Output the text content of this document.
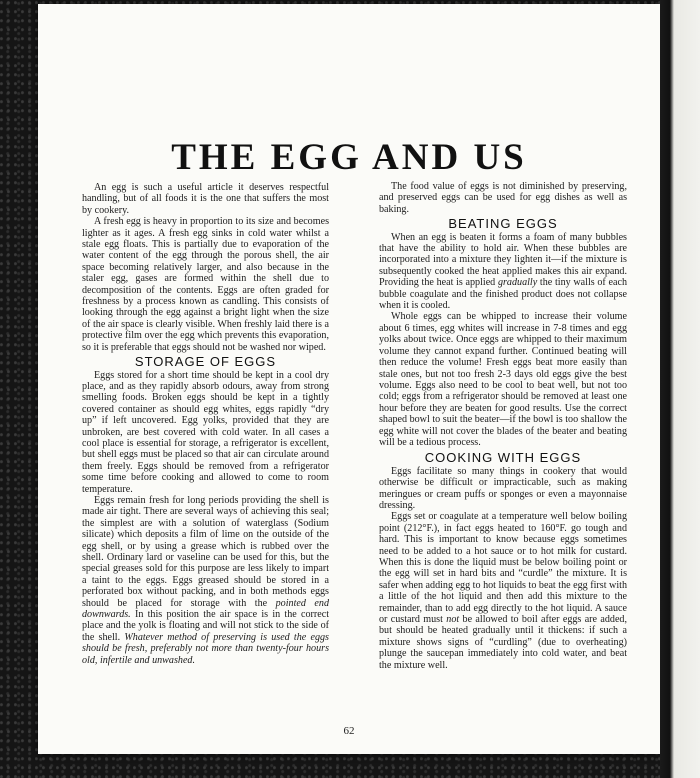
THE EGG AND US
62

An egg is such a useful article it deserves respectful handling, but of all foods it is the one that suffers the most by cookery.

A fresh egg is heavy in proportion to its size and becomes lighter as it ages. A fresh egg sinks in cold water whilst a stale egg floats. This is partially due to evaporation of the water content of the egg through the porous shell, the air space becoming relatively larger, and also because in the staler egg, gases are formed within the shell due to decomposition of the contents. Eggs are often graded for freshness by a process known as candling. This consists of looking through the egg against a bright light when the size of the air space is clearly visible. When freshly laid there is a protective film over the egg which prevents this evaporation, so it is preferable that eggs should not be washed nor wiped.

STORAGE OF EGGS

Eggs stored for a short time should be kept in a cool dry place, and as they rapidly absorb odours, away from strong smelling foods. Broken eggs should be kept in a tightly covered container as should egg whites, eggs rapidly “dry up” if left uncovered. Egg yolks, provided that they are unbroken, are best covered with cold water. In all cases a cool place is essential for storage, a refrigerator is excellent, but shell eggs must be placed so that air can circulate around them freely. Eggs should be removed from a refrigerator some time before cooking and allowed to come to room temperature.

Eggs remain fresh for long periods providing the shell is made air tight. There are several ways of achieving this seal; the simplest are with a solution of waterglass (Sodium silicate) which deposits a film of lime on the outside of the egg shell, or by using a grease which is rubbed over the shell. Ordinary lard or vaseline can be used for this, but the special greases sold for this purpose are less likely to impart a taint to the eggs. Eggs greased should be stored in a perforated box without packing, and in both methods eggs should be placed for storage with the pointed end downwards. In this position the air space is in the correct place and the yolk is floating and will not stick to the side of the shell. Whatever method of preserving is used the eggs should be fresh, preferably not more than twenty-four hours old, infertile and unwashed.

The food value of eggs is not diminished by preserving, and preserved eggs can be used for egg dishes as well as baking.

BEATING EGGS

When an egg is beaten it forms a foam of many bubbles that have the ability to hold air. When these bubbles are incorporated into a mixture they lighten it—if the mixture is subsequently cooked the heat applied makes this air expand. Providing the heat is applied gradually the tiny walls of each bubble coagulate and the finished product does not collapse when it is cooled.

Whole eggs can be whipped to increase their volume about 6 times, egg whites will increase in 7-8 times and egg yolks about twice. Once eggs are whipped to their maximum volume they cannot expand further. Continued beating will then reduce the volume! Fresh eggs beat more easily than stale ones, but not too fresh 2-3 days old eggs give the best volume. Eggs also need to be cool to beat well, but not too cold; eggs from a refrigerator should be removed at least one hour before they are beaten for good results. Use the correct shaped bowl to suit the beater—if the bowl is too shallow the egg white will not cover the blades of the beater and beating will be a tedious process.

COOKING WITH EGGS

Eggs facilitate so many things in cookery that would otherwise be difficult or impracticable, such as making meringues or cream puffs or sponges or even a mayonnaise dressing.

Eggs set or coagulate at a temperature well below boiling point (212°F.), in fact eggs heated to 160°F. go tough and hard. This is important to know because eggs sometimes need to be added to a hot sauce or to hot milk for custard. When this is done the liquid must be below boiling point or the egg will set in hard bits and “curdle” the mixture. It is safer when adding egg to hot liquids to beat the egg first with a little of the hot liquid and then add this mixture to the remainder, than to add egg directly to the hot liquid. A sauce or custard must not be allowed to boil after eggs are added, but should be heated gradually until it thickens: if such a mixture shows signs of “curdling” (due to overheating) plunge the saucepan immediately into cold water, and beat the mixture well.
